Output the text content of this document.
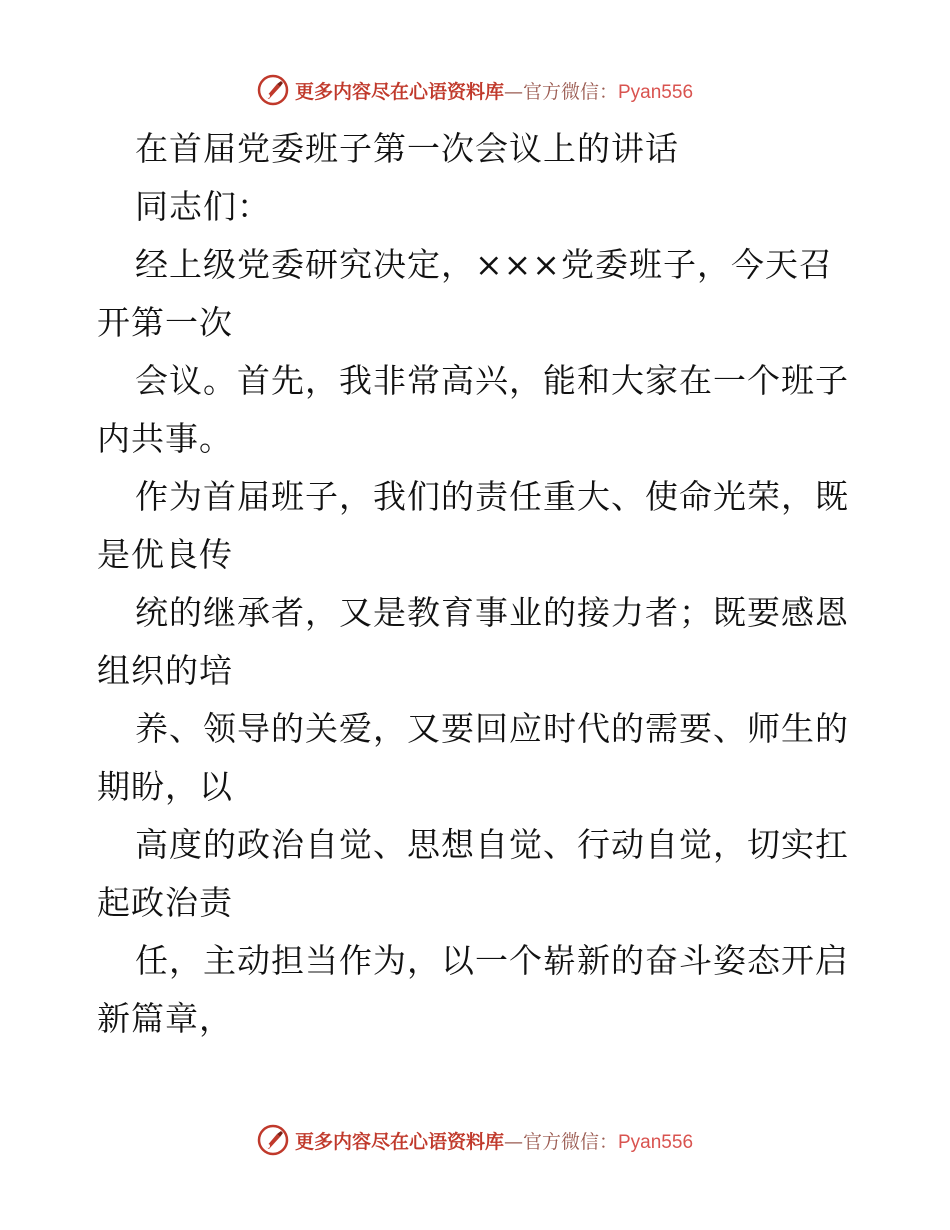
更多内容尽在心语资料库 —官方微信： Pyan556
在首届党委班子第一次会议上的讲话
同志们：
经上级党委研究决定，×××党委班子，今天召
开第一次
会议。首先，我非常高兴，能和大家在一个班子
内共事。
作为首届班子，我们的责任重大、使命光荣，既
是优良传
统的继承者，又是教育事业的接力者；既要感恩
组织的培
养、领导的关爱，又要回应时代的需要、师生的
期盼，以
高度的政治自觉、思想自觉、行动自觉，切实扛
起政治责
任，主动担当作为，以一个崭新的奋斗姿态开启
新篇章，
更多内容尽在心语资料库 —官方微信： Pyan556
